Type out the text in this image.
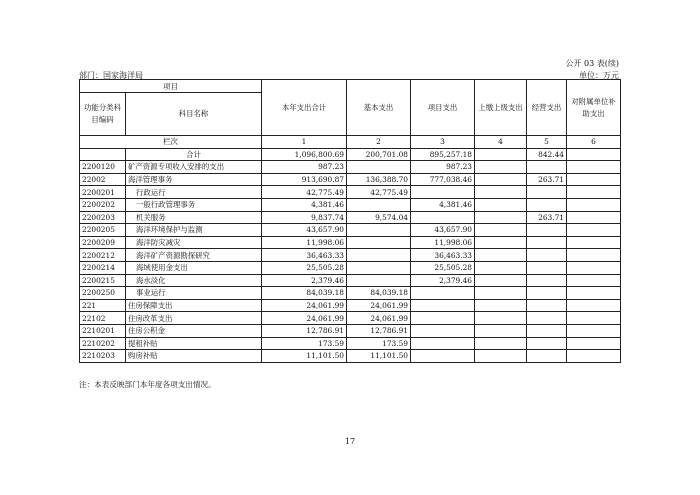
公开 03 表(续)
部门：国家海洋局	单位：万元
项目		本年支出合计	基本支出	项目支出	上缴上级支出	经营支出	对附属单位补助支出
功能分类科目编码	科目名称						
栏次		1	2	3	4	5	6
	合计	1,096,800.69	200,701.08	895,257.18		842.44	
2200120	矿产资源专项收入安排的支出	987.23		987.23			
22002	海洋管理事务	913,690.87	136,388.70	777,038.46		263.71	
2200201	行政运行	42,775.49	42,775.49				
2200202	一般行政管理事务	4,381.46		4,381.46			
2200203	机关服务	9,837.74	9,574.04			263.71	
2200205	海洋环境保护与监测	43,657.90		43,657.90			
2200209	海洋防灾减灾	11,998.06		11,998.06			
2200212	海洋矿产资源勘探研究	36,463.33		36,463.33			
2200214	海域使用金支出	25,505.28		25,505.28			
2200215	海水淡化	2,379.46		2,379.46			
2200250	事业运行	84,039.18	84,039.18				
221	住房保障支出	24,061.99	24,061.99				
22102	住房改革支出	24,061.99	24,061.99				
2210201	住房公积金	12,786.91	12,786.91				
2210202	提租补贴	173.59	173.59				
2210203	购房补贴	11,101.50	11,101.50				
注：本表反映部门本年度各项支出情况。
17
